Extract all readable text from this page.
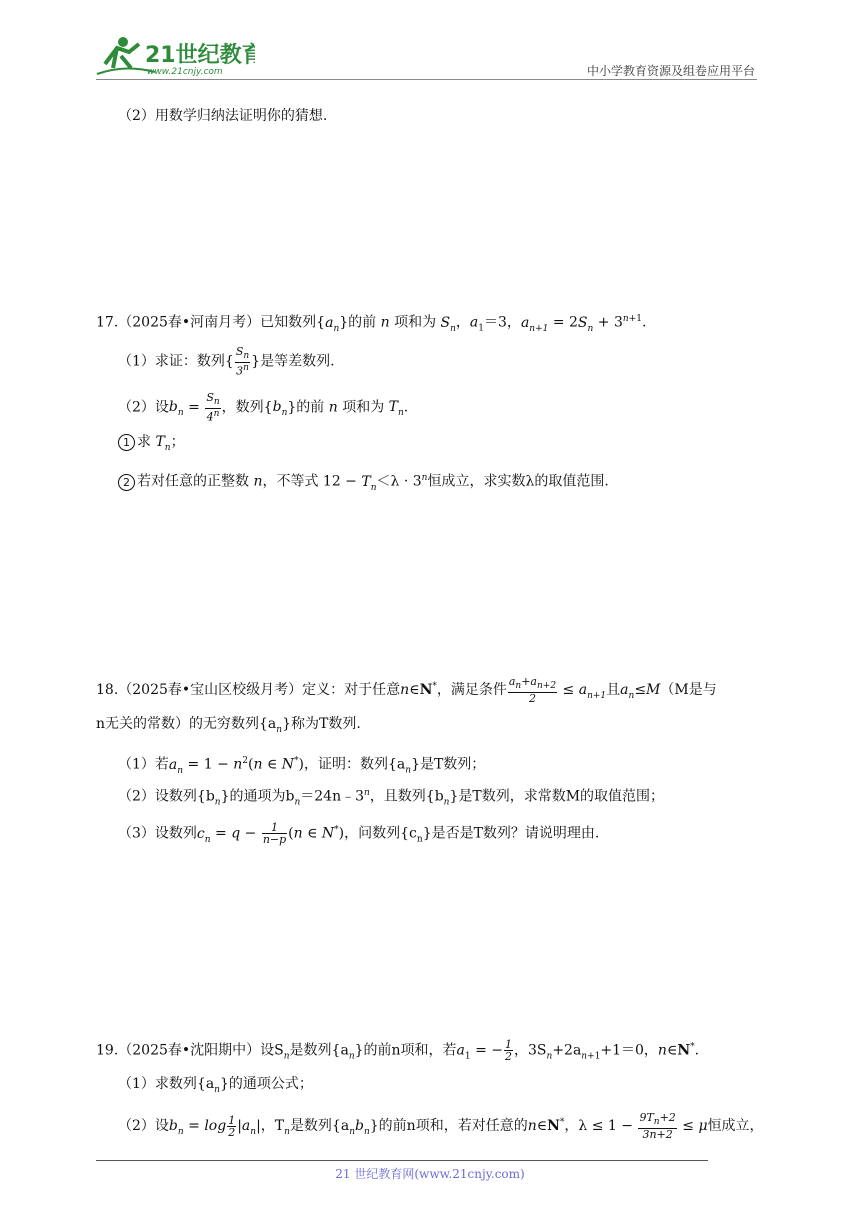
21世纪教育
www.21cnjy.com	中小学教育资源及组卷应用平台
（2）用数学归纳法证明你的猜想.
17.（2025春•河南月考）已知数列$\{a_n\}$的前 n 项和为 $S_n$，$a_1=3$，$a_{n+1} = 2S_n + 3^{n+1}$.
（1）求证：数列{ $\frac{S_n}{3^n}$ }是等差数列.
（2）设$b_n = \frac{S_n}{4^n}$ ，数列$\{b_n\}$的前 n 项和为 $T_n$.
1 求 $T_n$；
2 若对任意的正整数 n，不等式 $12 - T_n<\lambda \cdot 3^n$恒成立，求实数λ的取值范围.
18.（2025春•宝山区校级月考）定义：对于任意n∈N*，满足条件 $\frac{a_n+a_{n+2}}{2} \le a_{n+1}$且$a_n\le M(M$是与
n无关的常数）的无穷数列$\{a_n\}$称为T数列.
（1）若$a_n = 1 - n^2(n$ ∈ N*)，证明：数列$\{a_n\}$是T数列；
（2）设数列$\{b_n\}$的通项为$b_n=24n﹣3^n$，且数列$\{b_n\}$是T数列，求常数M的取值范围；
（3）设数列$c_n = q - \frac{1}{n-p} (n$ ∈ N*)，问数列$\{c_n\}$是否是T数列？请说明理由.
19.（2025春•沈阳期中）设$S_n$是数列$\{a_n\}$的前n项和，若$a_1$ = − $\frac{1}{2}$ ，$3S_n+2a_{n+1}+1=0$，n∈N*.
（1）求数列$\{a_n\}$的通项公式；
（2）设$b_n = \log \frac{1}{2} |a_n|$，$T_n$是数列$\{a_nb_n\}$的前n项和，若对任意的n∈N*，$\lambda \le 1 - \frac{9T_n+2}{3n+2} \le \mu$恒成立，
21 世纪教育网(www.21cnjy.com)
